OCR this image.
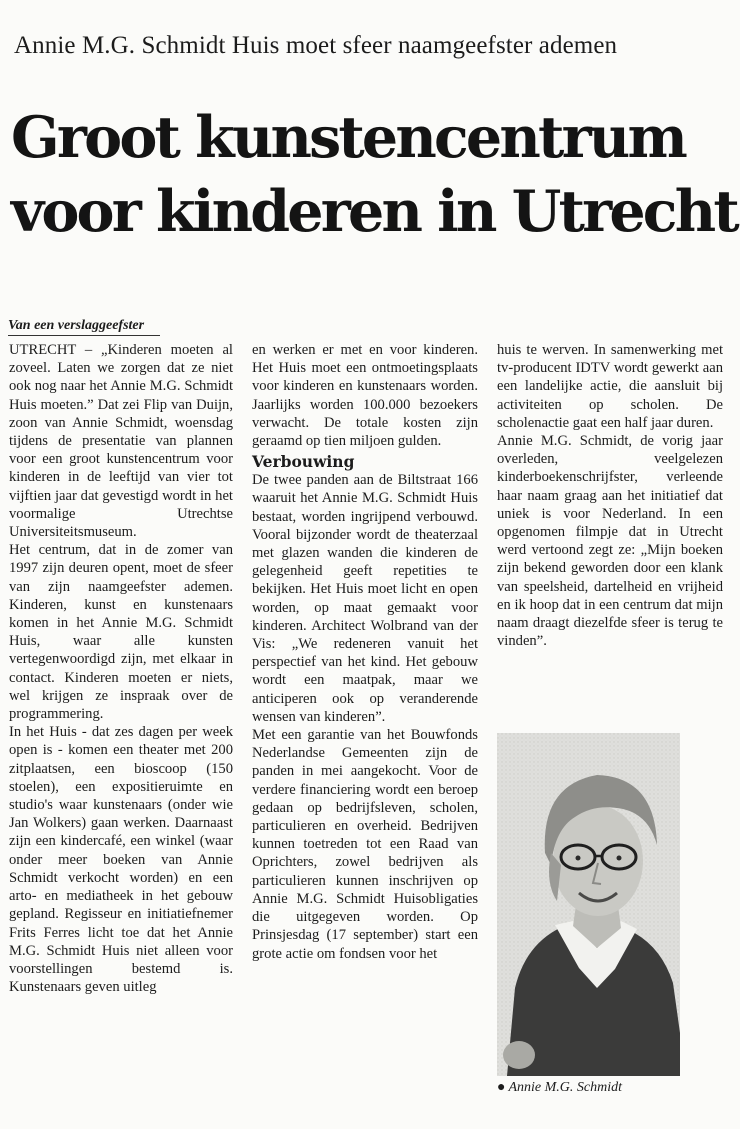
Annie M.G. Schmidt Huis moet sfeer naamgeefster ademen
Groot kunstencentrum
voor kinderen in Utrecht
Van een verslaggeefster

UTRECHT – „Kinderen moeten al zoveel. Laten we zorgen dat ze niet ook nog naar het Annie M.G. Schmidt Huis moeten.” Dat zei Flip van Duijn, zoon van Annie Schmidt, woensdag tijdens de presentatie van plannen voor een groot kunstencentrum voor kinderen in de leeftijd van vier tot vijftien jaar dat gevestigd wordt in het voormalige Utrechtse Universiteitsmuseum.

Het centrum, dat in de zomer van 1997 zijn deuren opent, moet de sfeer van zijn naamgeefster ademen. Kinderen, kunst en kunstenaars komen in het Annie M.G. Schmidt Huis, waar alle kunsten vertegenwoordigd zijn, met elkaar in contact. Kinderen moeten er niets, wel krijgen ze inspraak over de programmering.

In het Huis - dat zes dagen per week open is - komen een theater met 200 zitplaatsen, een bioscoop (150 stoelen), een expositieruimte en studio's waar kunstenaars (onder wie Jan Wolkers) gaan werken. Daarnaast zijn een kindercafé, een winkel (waar onder meer boeken van Annie Schmidt verkocht worden) en een arto- en mediatheek in het gebouw gepland. Regisseur en initiatiefnemer Frits Ferres licht toe dat het Annie M.G. Schmidt Huis niet alleen voor voorstellingen bestemd is. Kunstenaars geven uitleg

en werken er met en voor kinderen. Het Huis moet een ontmoetingsplaats voor kinderen en kunstenaars worden. Jaarlijks worden 100.000 bezoekers verwacht. De totale kosten zijn geraamd op tien miljoen gulden.

Verbouwing

De twee panden aan de Biltstraat 166 waaruit het Annie M.G. Schmidt Huis bestaat, worden ingrijpend verbouwd. Vooral bijzonder wordt de theaterzaal met glazen wanden die kinderen de gelegenheid geeft repetities te bekijken. Het Huis moet licht en open worden, op maat gemaakt voor kinderen. Architect Wolbrand van der Vis: „We redeneren vanuit het perspectief van het kind. Het gebouw wordt een maatpak, maar we anticiperen ook op veranderende wensen van kinderen”.

Met een garantie van het Bouwfonds Nederlandse Gemeenten zijn de panden in mei aangekocht. Voor de verdere financiering wordt een beroep gedaan op bedrijfsleven, scholen, particulieren en overheid. Bedrijven kunnen toetreden tot een Raad van Oprichters, zowel bedrijven als particulieren kunnen inschrijven op Annie M.G. Schmidt Huisobligaties die uitgegeven worden. Op Prinsjesdag (17 september) start een grote actie om fondsen voor het

huis te werven. In samenwerking met tv-producent IDTV wordt gewerkt aan een landelijke actie, die aansluit bij activiteiten op scholen. De scholenactie gaat een half jaar duren.

Annie M.G. Schmidt, de vorig jaar overleden, veelgelezen kinderboekenschrijfster, verleende haar naam graag aan het initiatief dat uniek is voor Nederland. In een opgenomen filmpje dat in Utrecht werd vertoond zegt ze: „Mijn boeken zijn bekend geworden door een klank van speelsheid, dartelheid en vrijheid en ik hoop dat in een centrum dat mijn naam draagt diezelfde sfeer is terug te vinden”.

● Annie M.G. Schmidt
